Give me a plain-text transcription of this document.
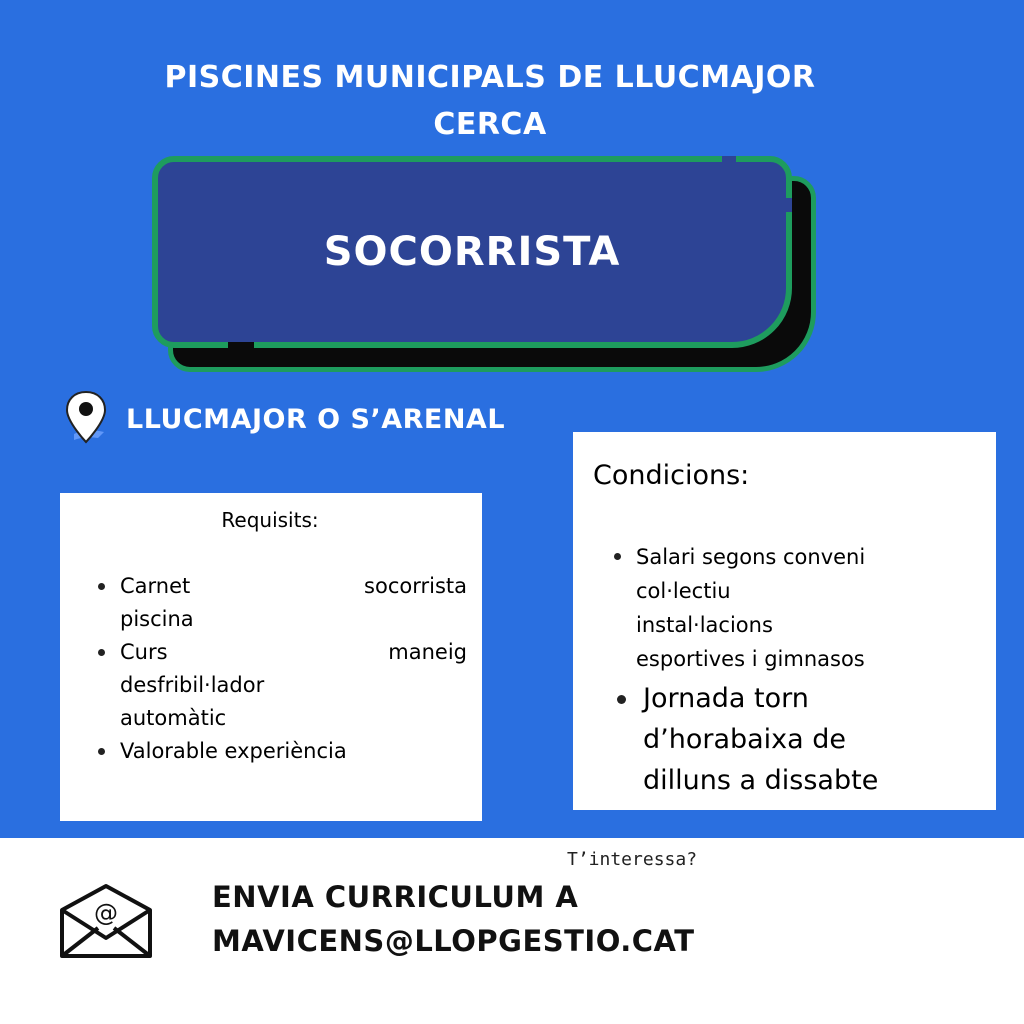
PISCINES MUNICIPALS DE LLUCMAJOR
CERCA
SOCORRISTA
LLUCMAJOR O S’ARENAL
Requisits:
Carnet	socorrista
piscina
Curs	maneig
desfribil·lador
automàtic
Valorable experiència
Condicions:
Salari segons conveni
col·lectiu
instal·lacions
esportives i gimnasos
Jornada torn
d’horabaixa de
dilluns a dissabte
T’interessa?
@	ENVIA CURRICULUM A
MAVICENS@LLOPGESTIO.CAT
